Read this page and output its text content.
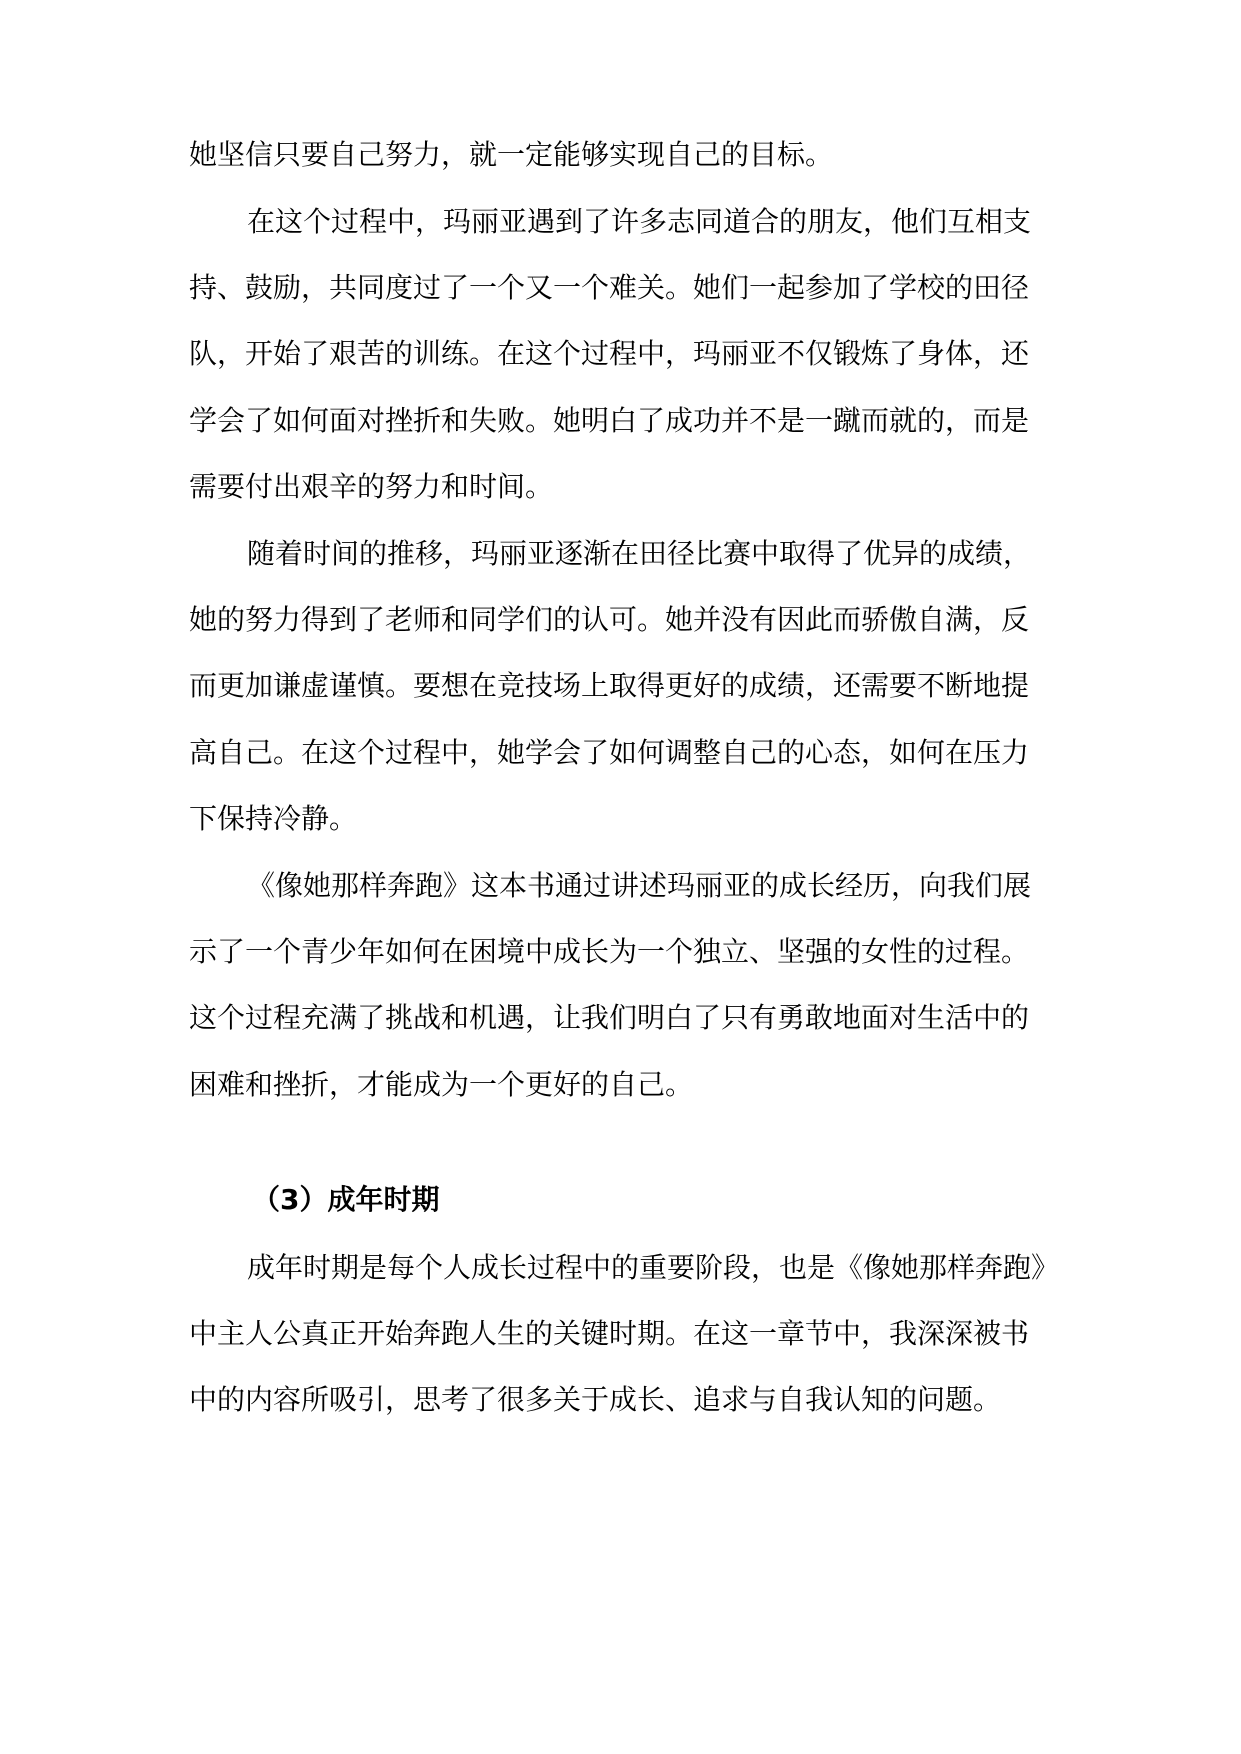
她坚信只要自己努力，就一定能够实现自己的目标。

在这个过程中，玛丽亚遇到了许多志同道合的朋友，他们互相支

持、鼓励，共同度过了一个又一个难关。她们一起参加了学校的田径

队，开始了艰苦的训练。在这个过程中，玛丽亚不仅锻炼了身体，还

学会了如何面对挫折和失败。她明白了成功并不是一蹴而就的，而是

需要付出艰辛的努力和时间。

随着时间的推移，玛丽亚逐渐在田径比赛中取得了优异的成绩，

她的努力得到了老师和同学们的认可。她并没有因此而骄傲自满，反

而更加谦虚谨慎。要想在竞技场上取得更好的成绩，还需要不断地提

高自己。在这个过程中，她学会了如何调整自己的心态，如何在压力

下保持冷静。

《像她那样奔跑》这本书通过讲述玛丽亚的成长经历，向我们展

示了一个青少年如何在困境中成长为一个独立、坚强的女性的过程。

这个过程充满了挑战和机遇，让我们明白了只有勇敢地面对生活中的

困难和挫折，才能成为一个更好的自己。

（3）成年时期

成年时期是每个人成长过程中的重要阶段，也是《像她那样奔跑》

中主人公真正开始奔跑人生的关键时期。在这一章节中，我深深被书

中的内容所吸引，思考了很多关于成长、追求与自我认知的问题。
